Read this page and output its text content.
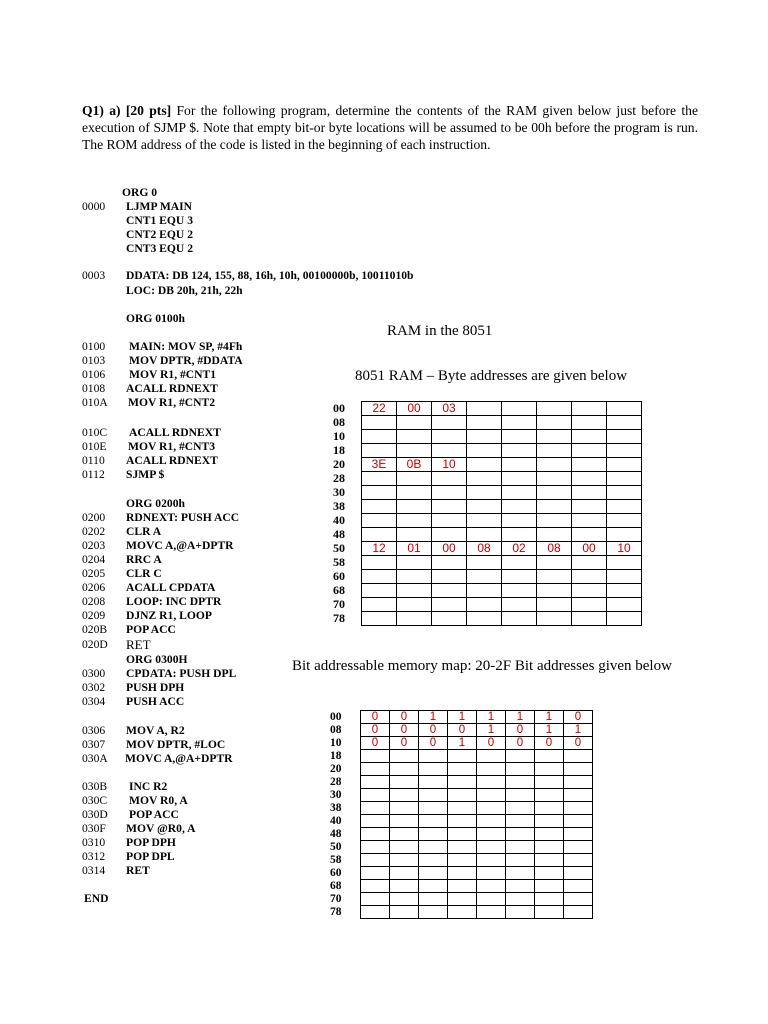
Q1) a) [20 pts] For the following program, determine the contents of the RAM given below just before the execution of SJMP $. Note that empty bit-or byte locations will be assumed to be 00h before the program is run. The ROM address of the code is listed in the beginning of each instruction.

ORG 0
0000 LJMP MAIN
CNT1 EQU 3
CNT2 EQU 2
CNT3 EQU 2
0003 DDATA: DB 124, 155, 88, 16h, 10h, 00100000b, 10011010b
LOC: DB 20h, 21h, 22h
ORG 0100h
0100 MAIN: MOV SP, #4Fh
0103 MOV DPTR, #DDATA
0106 MOV R1, #CNT1
0108 ACALL RDNEXT
010A MOV R1, #CNT2
010C ACALL RDNEXT
010E MOV R1, #CNT3
0110 ACALL RDNEXT
0112 SJMP $
ORG 0200h
0200 RDNEXT: PUSH ACC
0202 CLR A
0203 MOVC A,@A+DPTR
0204 RRC A
0205 CLR C
0206 ACALL CPDATA
0208 LOOP: INC DPTR
0209 DJNZ R1, LOOP
020B POP ACC
020D RET
ORG 0300H
0300 CPDATA: PUSH DPL
0302 PUSH DPH
0304 PUSH ACC
0306 MOV A, R2
0307 MOV DPTR, #LOC
030A MOVC A,@A+DPTR
030B INC R2
030C MOV R0, A
030D POP ACC
030F MOV @R0, A
0310 POP DPH
0312 POP DPL
0314 RET
END
RAM in the 8051
8051 RAM – Byte addresses are given below
00	22	00	03					
08								
10								
18								
20	3E	0B	10					
28								
30								
38								
40								
48								
50	12	01	00	08	02	08	00	10
58								
60								
68								
70								
78								
Bit addressable memory map: 20-2F Bit addresses given below
00	0	0	1	1	1	1	1	0
08	0	0	0	0	1	0	1	1
10	0	0	0	1	0	0	0	0
18								
20								
28								
30								
38								
40								
48								
50								
58								
60								
68								
70								
78								
